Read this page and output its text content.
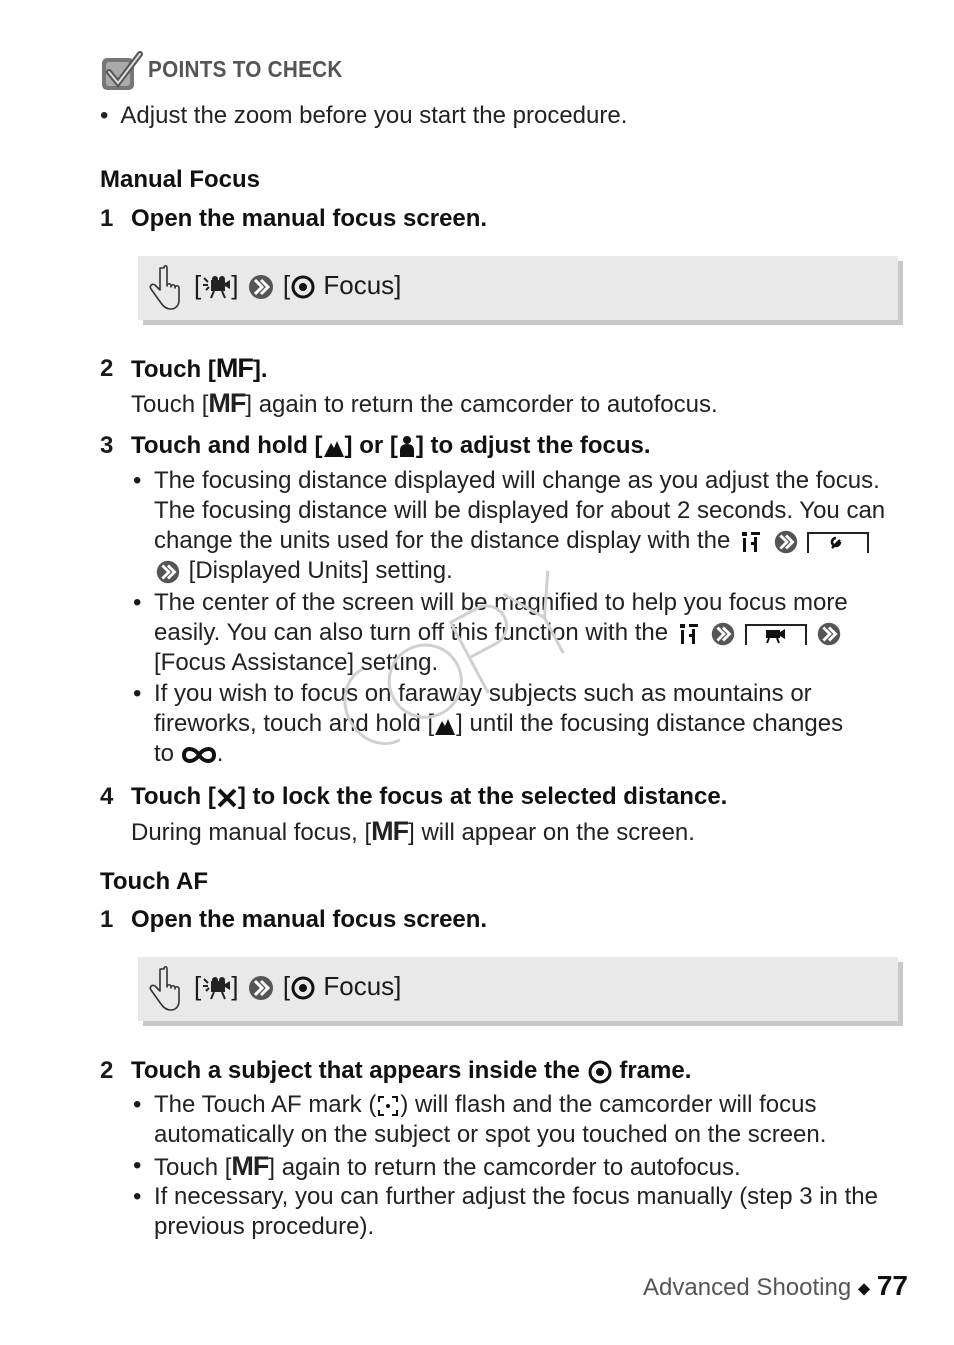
POINTS TO CHECK
•  Adjust the zoom before you start the procedure.
Manual Focus
1 Open the manual focus screen.
[ ]  [ Focus]
2 Touch [MF].
Touch [MF] again to return the camcorder to autofocus.
3 Touch and hold [ ] or [ ] to adjust the focus.
• The focusing distance displayed will change as you adjust the focus.
The focusing distance will be displayed for about 2 seconds. You can
change the units used for the distance display with the
[Displayed Units] setting.
• The center of the screen will be magnified to help you focus more
easily. You can also turn off this function with the
[Focus Assistance] setting.
• If you wish to focus on faraway subjects such as mountains or
fireworks, touch and hold [ ] until the focusing distance changes
to .
4 Touch [ ] to lock the focus at the selected distance.
During manual focus, [MF] will appear on the screen.
Touch AF
1 Open the manual focus screen.
[ ]  [ Focus]
2 Touch a subject that appears inside the frame.
• The Touch AF mark ( ) will flash and the camcorder will focus
automatically on the subject or spot you touched on the screen.
• Touch [MF] again to return the camcorder to autofocus.
• If necessary, you can further adjust the focus manually (step 3 in the
previous procedure).
Advanced Shooting ◆ 77
